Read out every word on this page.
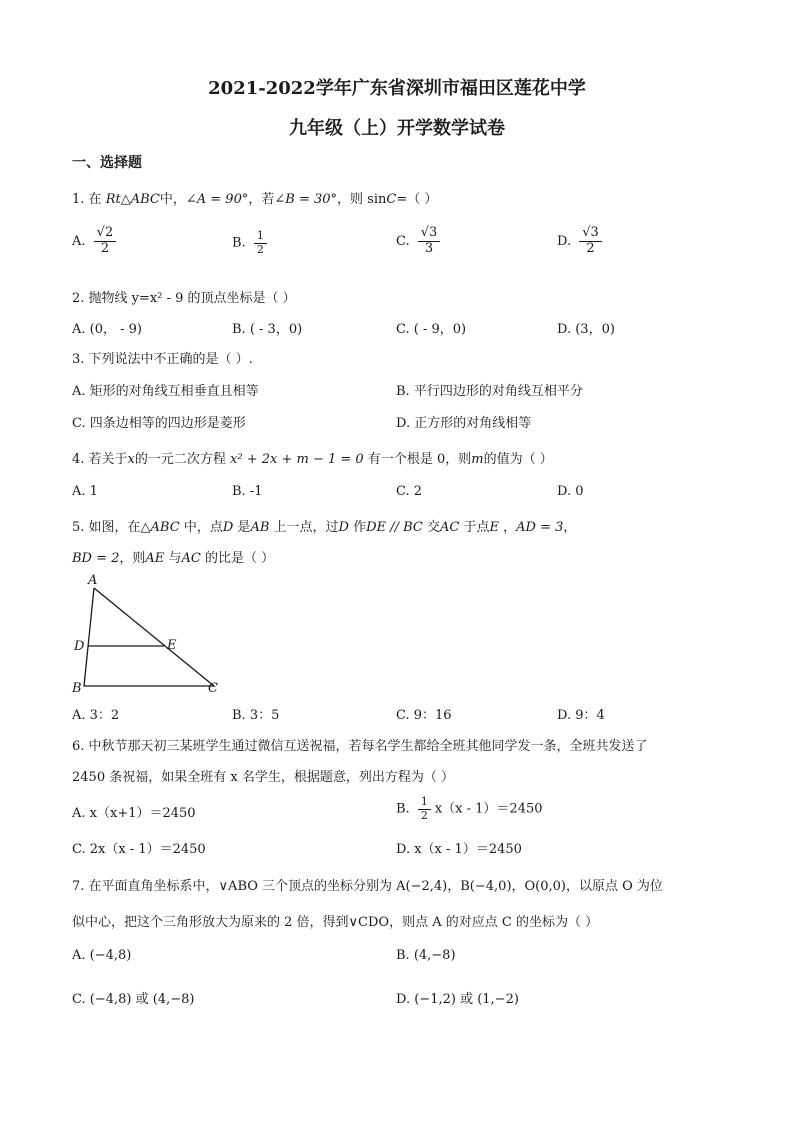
2021-2022学年广东省深圳市福田区莲花中学
九年级（上）开学数学试卷
一、选择题
1. 在 Rt△ABC中，∠A = 90°，若∠B = 30°，则 sinC=（ ）
A. $\frac{√2}{2}$	B. $\frac{1}{2}$	C. $\frac{√3}{3}$	D. $\frac{√3}{2}$
2. 抛物线 y=x² - 9 的顶点坐标是（ ）
A. (0， - 9)	B. ( - 3，0)	C. ( - 9，0)	D. (3，0)
3. 下列说法中不正确的是（ ）.
A. 矩形的对角线互相垂直且相等	B. 平行四边形的对角线互相平分
C. 四条边相等的四边形是菱形	D. 正方形的对角线相等
4. 若关于x的一元二次方程 x² + 2x + m − 1 = 0 有一个根是 0，则m的值为（ ）
A. 1	B. -1	C. 2	D. 0
5. 如图，在△ABC 中，点D 是AB 上一点，过D 作DE // BC 交AC 于点E ，AD = 3，
BD = 2，则AE 与AC 的比是（ ）
A
D	E
B	C
A. 3：2	B. 3：5	C. 9：16	D. 9：4
6. 中秋节那天初三某班学生通过微信互送祝福，若每名学生都给全班其他同学发一条，全班共发送了
2450 条祝福，如果全班有 x 名学生，根据题意，列出方程为（ ）
A. x（x+1）＝2450	B. $\frac{1}{2} x(x - 1)=2450$
C. 2x（x - 1）＝2450	D. x（x - 1）＝2450
7. 在平面直角坐标系中，∨ABO 三个顶点的坐标分别为 A(−2,4)，B(−4,0)，O(0,0)，以原点 O 为位
似中心，把这个三角形放大为原来的 2 倍，得到∨CDO，则点 A 的对应点 C 的坐标为（ ）
A. (−4,8)	B. (4,−8)
C. (−4,8) 或 (4,−8)	D. (−1,2) 或 (1,−2)
